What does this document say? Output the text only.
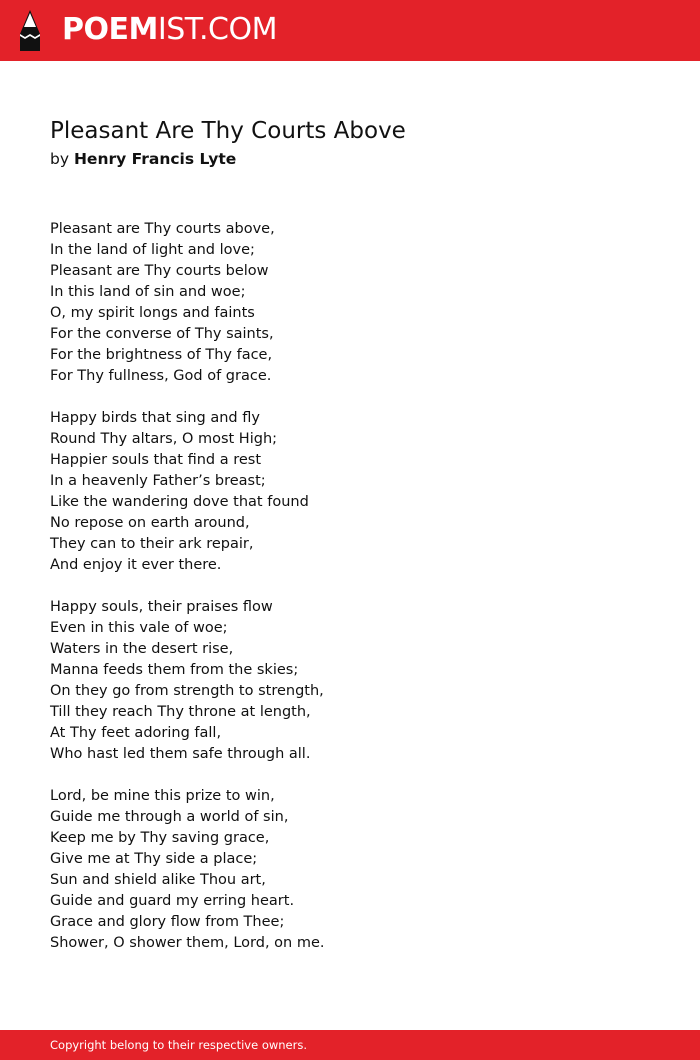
POEMIST.COM
Pleasant Are Thy Courts Above
by Henry Francis Lyte
Pleasant are Thy courts above,
In the land of light and love;
Pleasant are Thy courts below
In this land of sin and woe;
O, my spirit longs and faints
For the converse of Thy saints,
For the brightness of Thy face,
For Thy fullness, God of grace.
Happy birds that sing and fly
Round Thy altars, O most High;
Happier souls that find a rest
In a heavenly Father’s breast;
Like the wandering dove that found
No repose on earth around,
They can to their ark repair,
And enjoy it ever there.
Happy souls, their praises flow
Even in this vale of woe;
Waters in the desert rise,
Manna feeds them from the skies;
On they go from strength to strength,
Till they reach Thy throne at length,
At Thy feet adoring fall,
Who hast led them safe through all.
Lord, be mine this prize to win,
Guide me through a world of sin,
Keep me by Thy saving grace,
Give me at Thy side a place;
Sun and shield alike Thou art,
Guide and guard my erring heart.
Grace and glory flow from Thee;
Shower, O shower them, Lord, on me.
Copyright belong to their respective owners.
